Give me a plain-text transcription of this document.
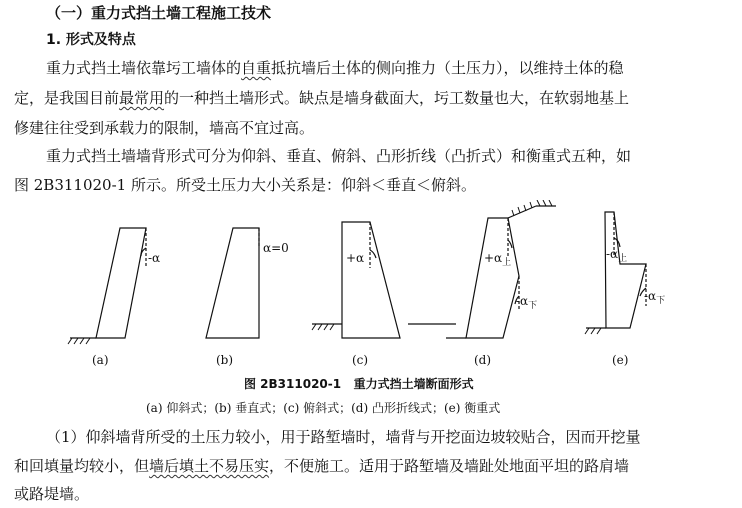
（一）重力式挡土墙工程施工技术
1. 形式及特点
重力式挡土墙依靠圬工墙体的自重抵抗墙后土体的侧向推力（土压力），以维持土体的稳
定，是我国目前最常用的一种挡土墙形式。缺点是墙身截面大，圬工数量也大，在软弱地基上
修建往往受到承载力的限制，墙高不宜过高。
重力式挡土墙墙背形式可分为仰斜、垂直、俯斜、凸形折线（凸折式）和衡重式五种，如
图 2B311020-1 所示。所受土压力大小关系是：仰斜＜垂直＜俯斜。
-α
α=0
+α	$+\alpha_上$
$-\alpha_下$
$-\alpha_上$
$-\alpha_下$
(a)	(b)	(c)	(d)	(e)
图 2B311020-1 重力式挡土墙断面形式
(a) 仰斜式；(b) 垂直式；(c) 俯斜式；(d) 凸形折线式；(e) 衡重式
（1）仰斜墙背所受的土压力较小，用于路堑墙时，墙背与开挖面边坡较贴合，因而开挖量
和回填量均较小，但墙后填土不易压实，不便施工。适用于路堑墙及墙趾处地面平坦的路肩墙
或路堤墙。
